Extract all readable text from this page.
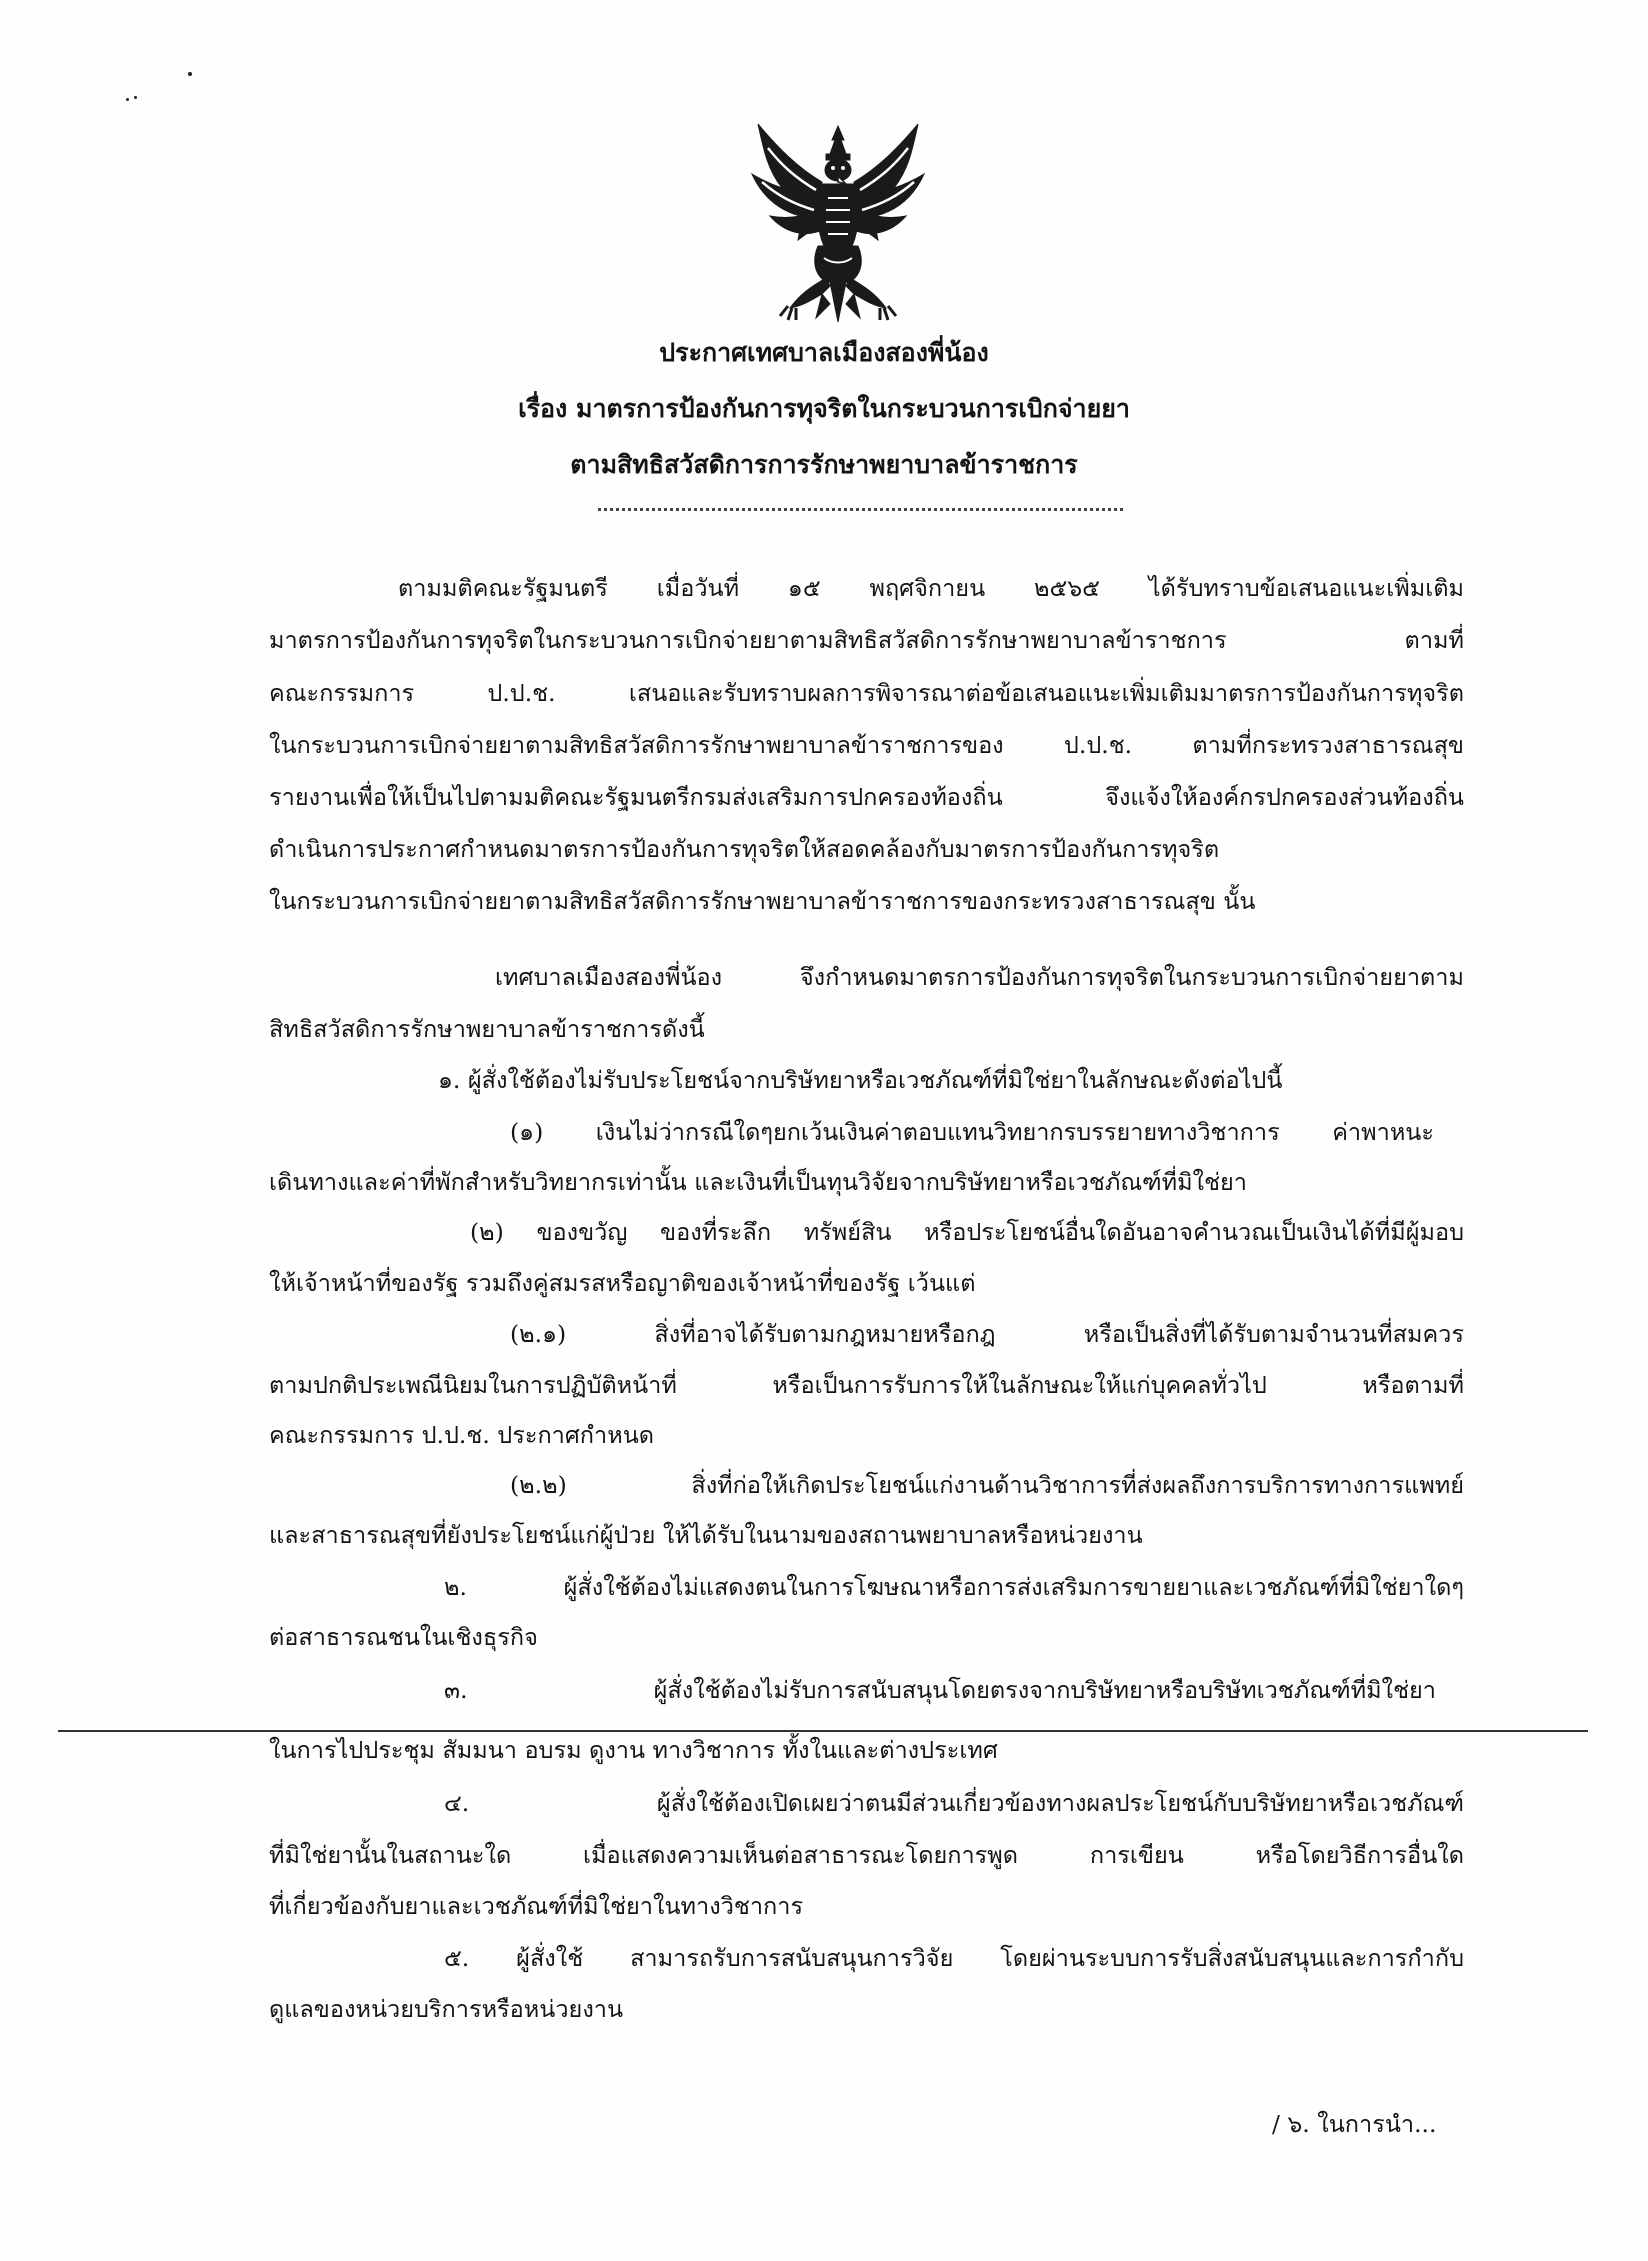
ประกาศเทศบาลเมืองสองพี่น้อง
เรื่อง มาตรการป้องกันการทุจริตในกระบวนการเบิกจ่ายยา
ตามสิทธิสวัสดิการการรักษาพยาบาลข้าราชการ
ตามมติคณะรัฐมนตรี เมื่อวันที่ ๑๕ พฤศจิกายน ๒๕๖๕ ได้รับทราบข้อเสนอแนะเพิ่มเติม
มาตรการป้องกันการทุจริตในกระบวนการเบิกจ่ายยาตามสิทธิสวัสดิการรักษาพยาบาลข้าราชการ ตามที่
คณะกรรมการ ป.ป.ช. เสนอและรับทราบผลการพิจารณาต่อข้อเสนอแนะเพิ่มเติมมาตรการป้องกันการทุจริต
ในกระบวนการเบิกจ่ายยาตามสิทธิสวัสดิการรักษาพยาบาลข้าราชการของ ป.ป.ช. ตามที่กระทรวงสาธารณสุข
รายงานเพื่อให้เป็นไปตามมติคณะรัฐมนตรีกรมส่งเสริมการปกครองท้องถิ่น จึงแจ้งให้องค์กรปกครองส่วนท้องถิ่น
ดำเนินการประกาศกำหนดมาตรการป้องกันการทุจริตให้สอดคล้องกับมาตรการป้องกันการทุจริต
ในกระบวนการเบิกจ่ายยาตามสิทธิสวัสดิการรักษาพยาบาลข้าราชการของกระทรวงสาธารณสุข นั้น
เทศบาลเมืองสองพี่น้อง จึงกำหนดมาตรการป้องกันการทุจริตในกระบวนการเบิกจ่ายยาตาม
สิทธิสวัสดิการรักษาพยาบาลข้าราชการดังนี้
๑. ผู้สั่งใช้ต้องไม่รับประโยชน์จากบริษัทยาหรือเวชภัณฑ์ที่มิใช่ยาในลักษณะดังต่อไปนี้
(๑) เงินไม่ว่ากรณีใดๆยกเว้นเงินค่าตอบแทนวิทยากรบรรยายทางวิชาการ ค่าพาหนะ
เดินทางและค่าที่พักสำหรับวิทยากรเท่านั้น และเงินที่เป็นทุนวิจัยจากบริษัทยาหรือเวชภัณฑ์ที่มิใช่ยา
(๒) ของขวัญ ของที่ระลึก ทรัพย์สิน หรือประโยชน์อื่นใดอันอาจคำนวณเป็นเงินได้ที่มีผู้มอบ
ให้เจ้าหน้าที่ของรัฐ รวมถึงคู่สมรสหรือญาติของเจ้าหน้าที่ของรัฐ เว้นแต่
(๒.๑) สิ่งที่อาจได้รับตามกฎหมายหรือกฎ หรือเป็นสิ่งที่ได้รับตามจำนวนที่สมควร
ตามปกติประเพณีนิยมในการปฏิบัติหน้าที่ หรือเป็นการรับการให้ในลักษณะให้แก่บุคคลทั่วไป หรือตามที่
คณะกรรมการ ป.ป.ช. ประกาศกำหนด
(๒.๒) สิ่งที่ก่อให้เกิดประโยชน์แก่งานด้านวิชาการที่ส่งผลถึงการบริการทางการแพทย์
และสาธารณสุขที่ยังประโยชน์แก่ผู้ป่วย ให้ได้รับในนามของสถานพยาบาลหรือหน่วยงาน
๒. ผู้สั่งใช้ต้องไม่แสดงตนในการโฆษณาหรือการส่งเสริมการขายยาและเวชภัณฑ์ที่มิใช่ยาใดๆ
ต่อสาธารณชนในเชิงธุรกิจ
๓. ผู้สั่งใช้ต้องไม่รับการสนับสนุนโดยตรงจากบริษัทยาหรือบริษัทเวชภัณฑ์ที่มิใช่ยา
ในการไปประชุม สัมมนา อบรม ดูงาน ทางวิชาการ ทั้งในและต่างประเทศ
๔. ผู้สั่งใช้ต้องเปิดเผยว่าตนมีส่วนเกี่ยวข้องทางผลประโยชน์กับบริษัทยาหรือเวชภัณฑ์
ที่มิใช่ยานั้นในสถานะใด เมื่อแสดงความเห็นต่อสาธารณะโดยการพูด การเขียน หรือโดยวิธีการอื่นใด
ที่เกี่ยวข้องกับยาและเวชภัณฑ์ที่มิใช่ยาในทางวิชาการ
๕. ผู้สั่งใช้ สามารถรับการสนับสนุนการวิจัย โดยผ่านระบบการรับสิ่งสนับสนุนและการกำกับ
ดูแลของหน่วยบริการหรือหน่วยงาน
/ ๖. ในการนำ...
